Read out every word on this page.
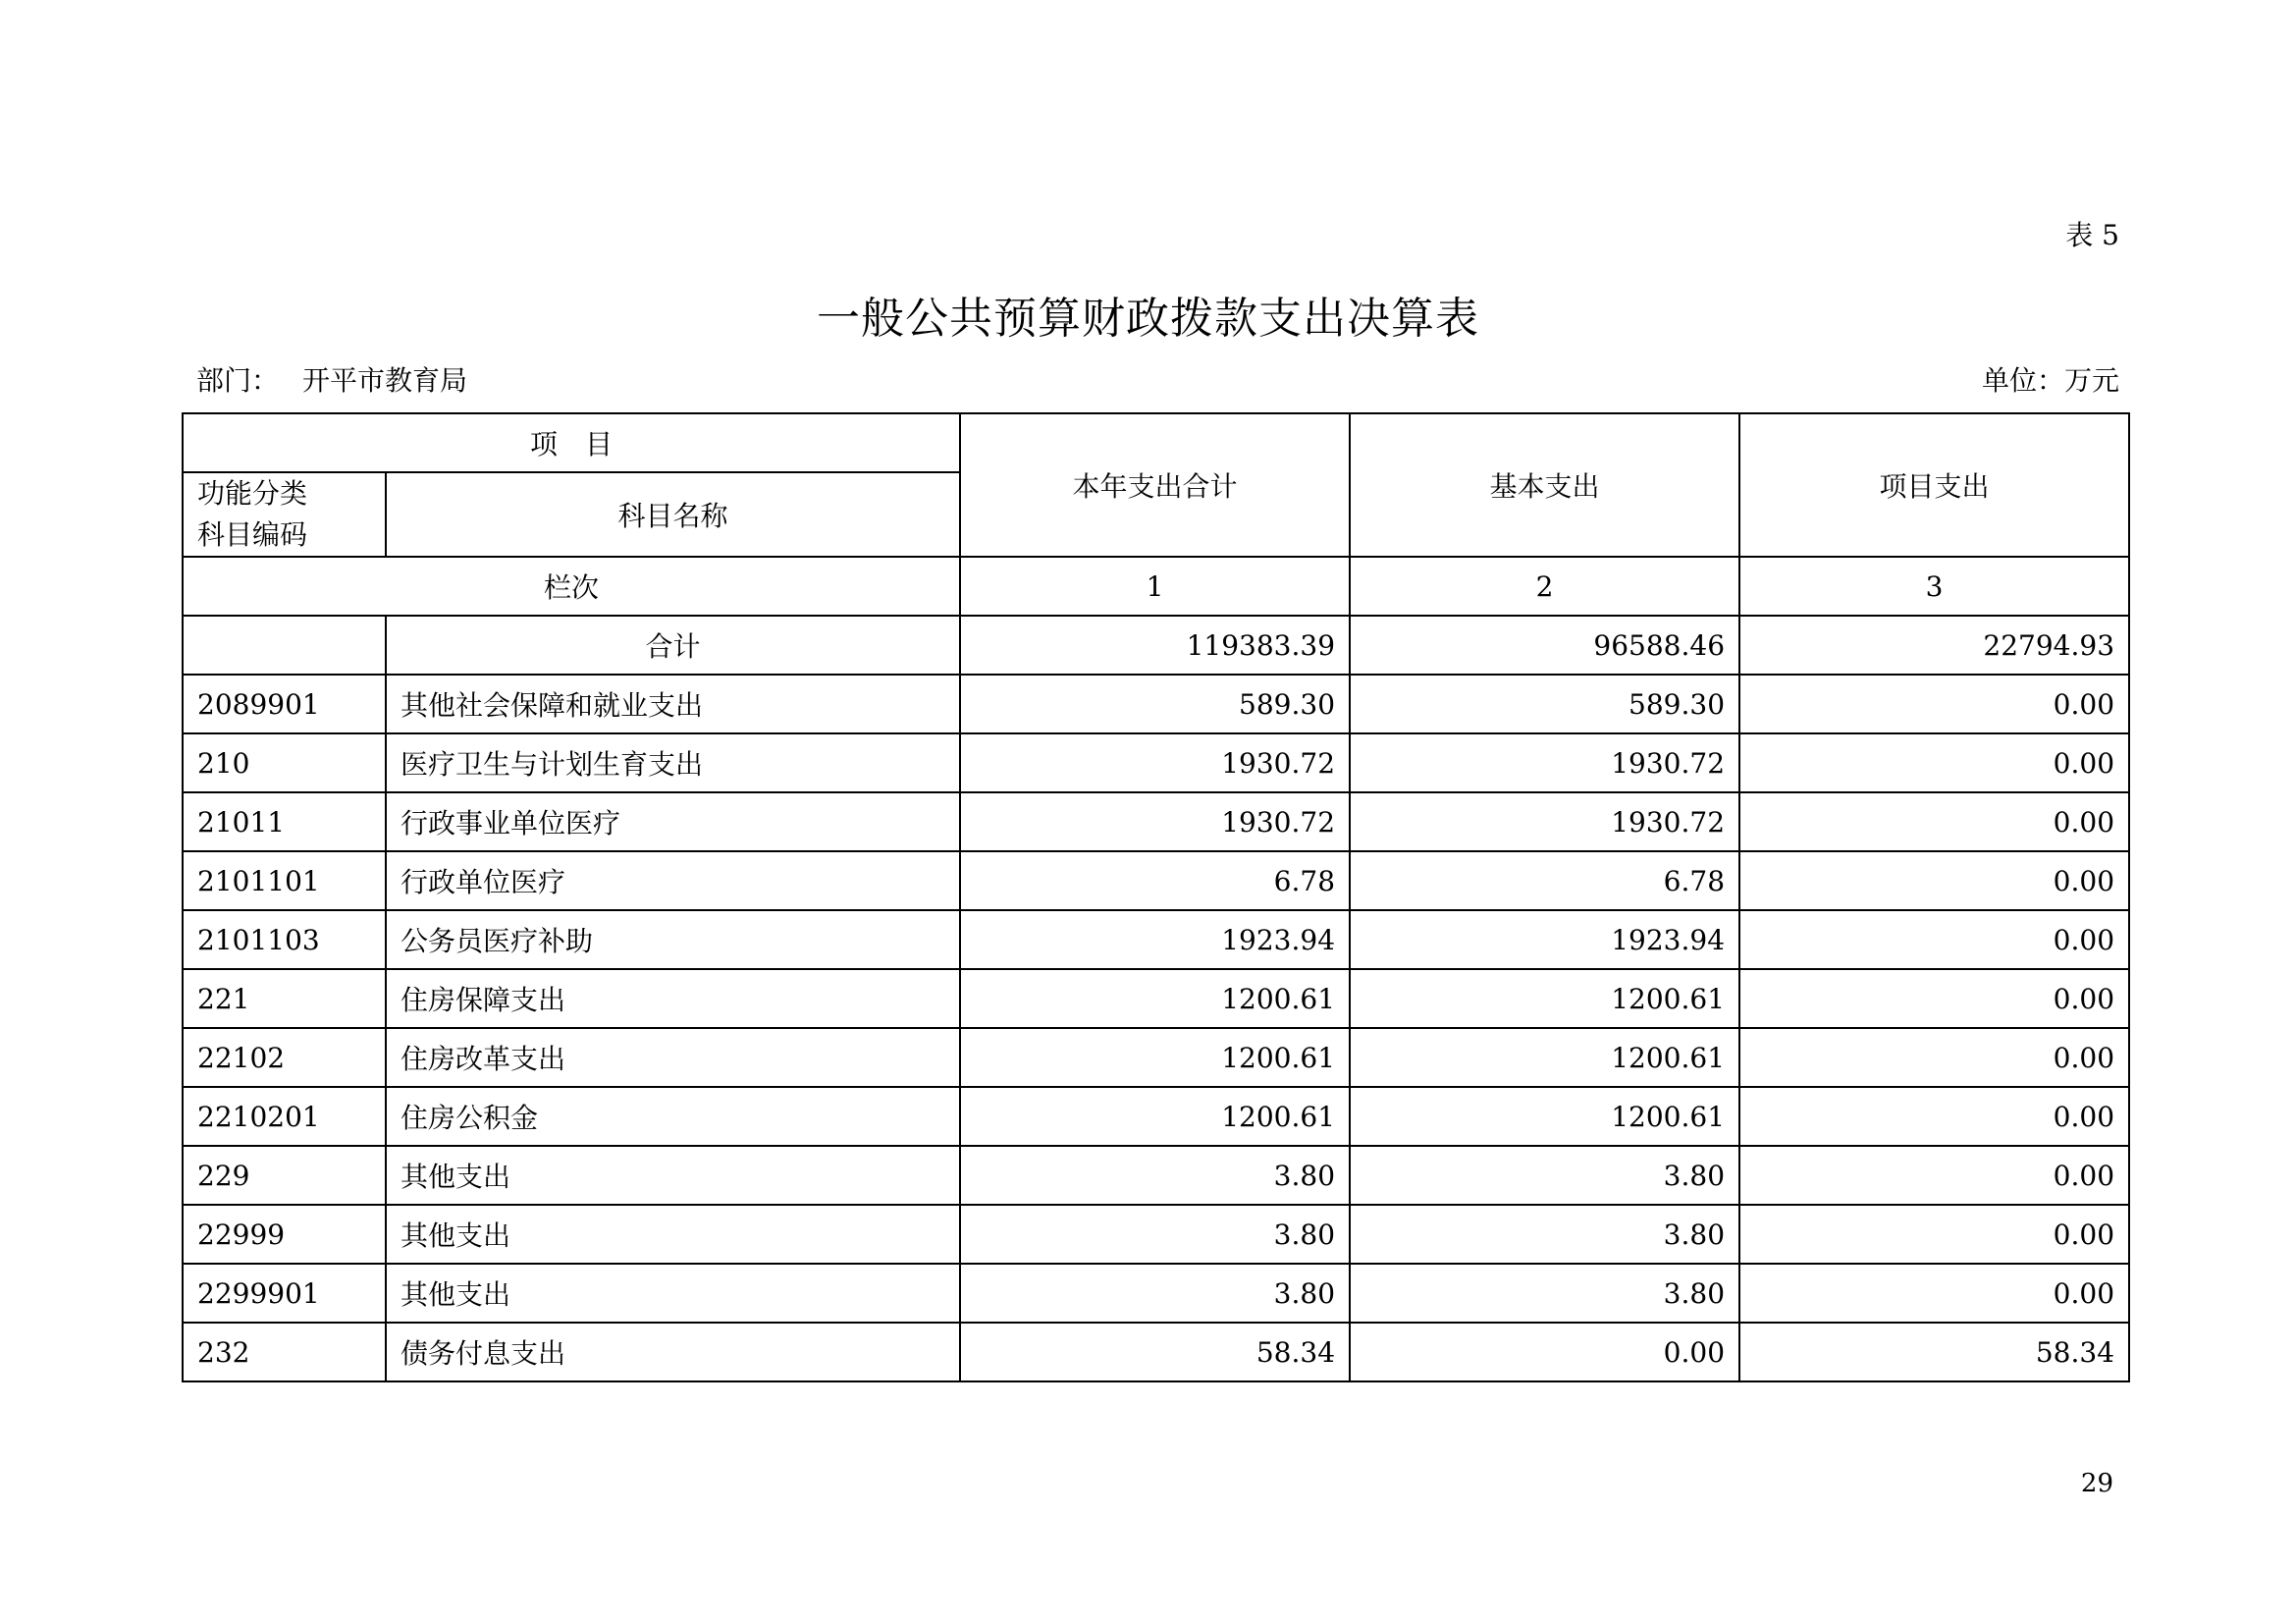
表 5
一般公共预算财政拨款支出决算表
部门： 开平市教育局	单位：万元
项　目		本年支出合计	基本支出	项目支出

功能分类
科目编码	科目名称			
栏次		1	2	3
	合计	119383.39	96588.46	22794.93
2089901	其他社会保障和就业支出	589.30	589.30	0.00
210	医疗卫生与计划生育支出	1930.72	1930.72	0.00
21011	行政事业单位医疗	1930.72	1930.72	0.00
2101101	行政单位医疗	6.78	6.78	0.00
2101103	公务员医疗补助	1923.94	1923.94	0.00
221	住房保障支出	1200.61	1200.61	0.00
22102	住房改革支出	1200.61	1200.61	0.00
2210201	住房公积金	1200.61	1200.61	0.00
229	其他支出	3.80	3.80	0.00
22999	其他支出	3.80	3.80	0.00
2299901	其他支出	3.80	3.80	0.00
232	债务付息支出	58.34	0.00	58.34
29
